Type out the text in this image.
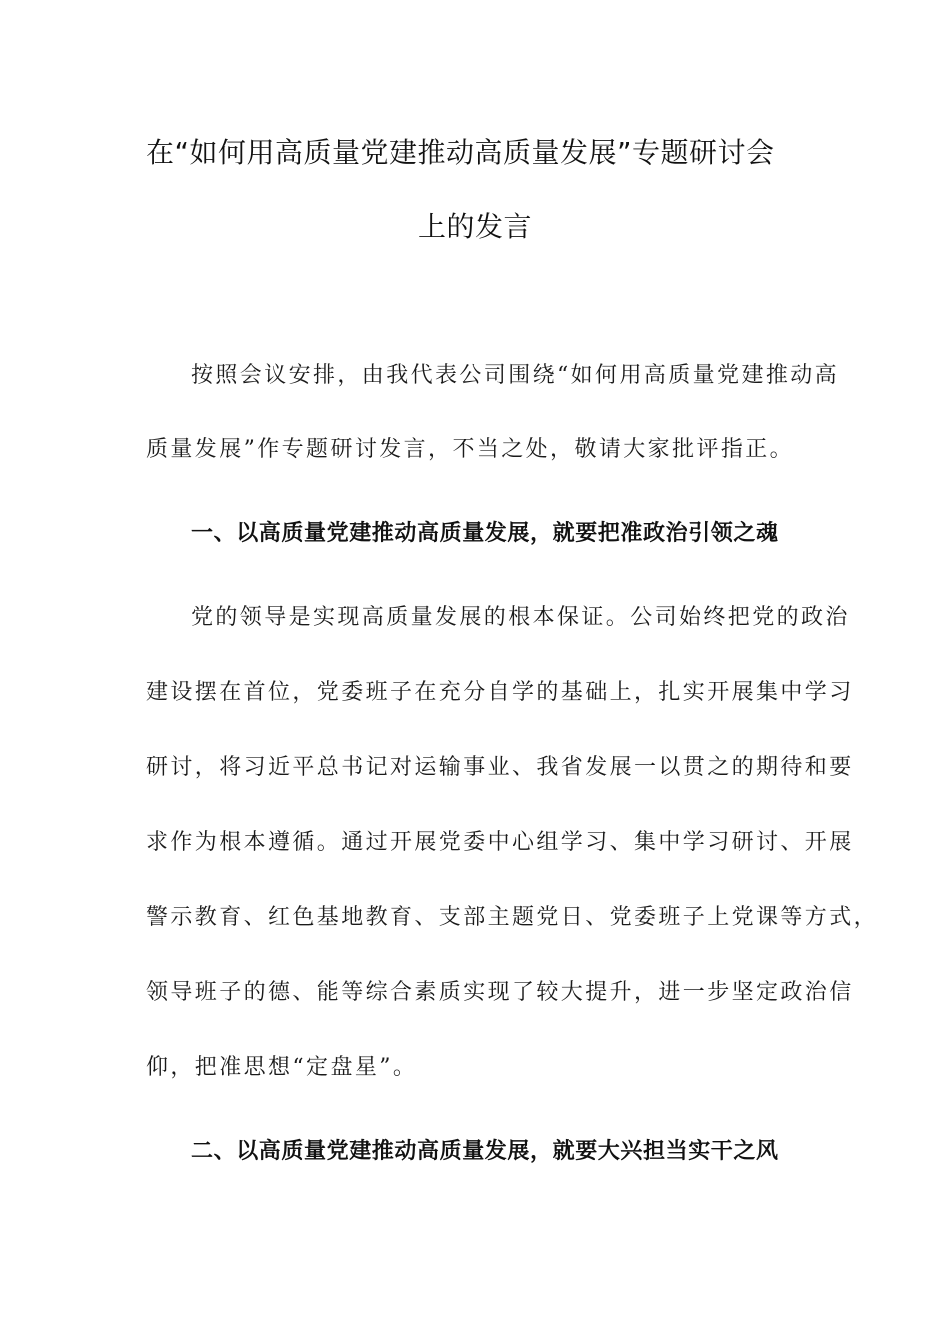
在“如何用高质量党建推动高质量发展”专题研讨会
上的发言
按照会议安排，由我代表公司围绕“如何用高质量党建推动高
质量发展”作专题研讨发言，不当之处，敬请大家批评指正。
一、以高质量党建推动高质量发展，就要把准政治引领之魂
党的领导是实现高质量发展的根本保证。公司始终把党的政治
建设摆在首位，党委班子在充分自学的基础上，扎实开展集中学习
研讨，将习近平总书记对运输事业、我省发展一以贯之的期待和要
求作为根本遵循。通过开展党委中心组学习、集中学习研讨、开展
警示教育、红色基地教育、支部主题党日、党委班子上党课等方式，
领导班子的德、能等综合素质实现了较大提升，进一步坚定政治信
仰，把准思想“定盘星”。
二、以高质量党建推动高质量发展，就要大兴担当实干之风
